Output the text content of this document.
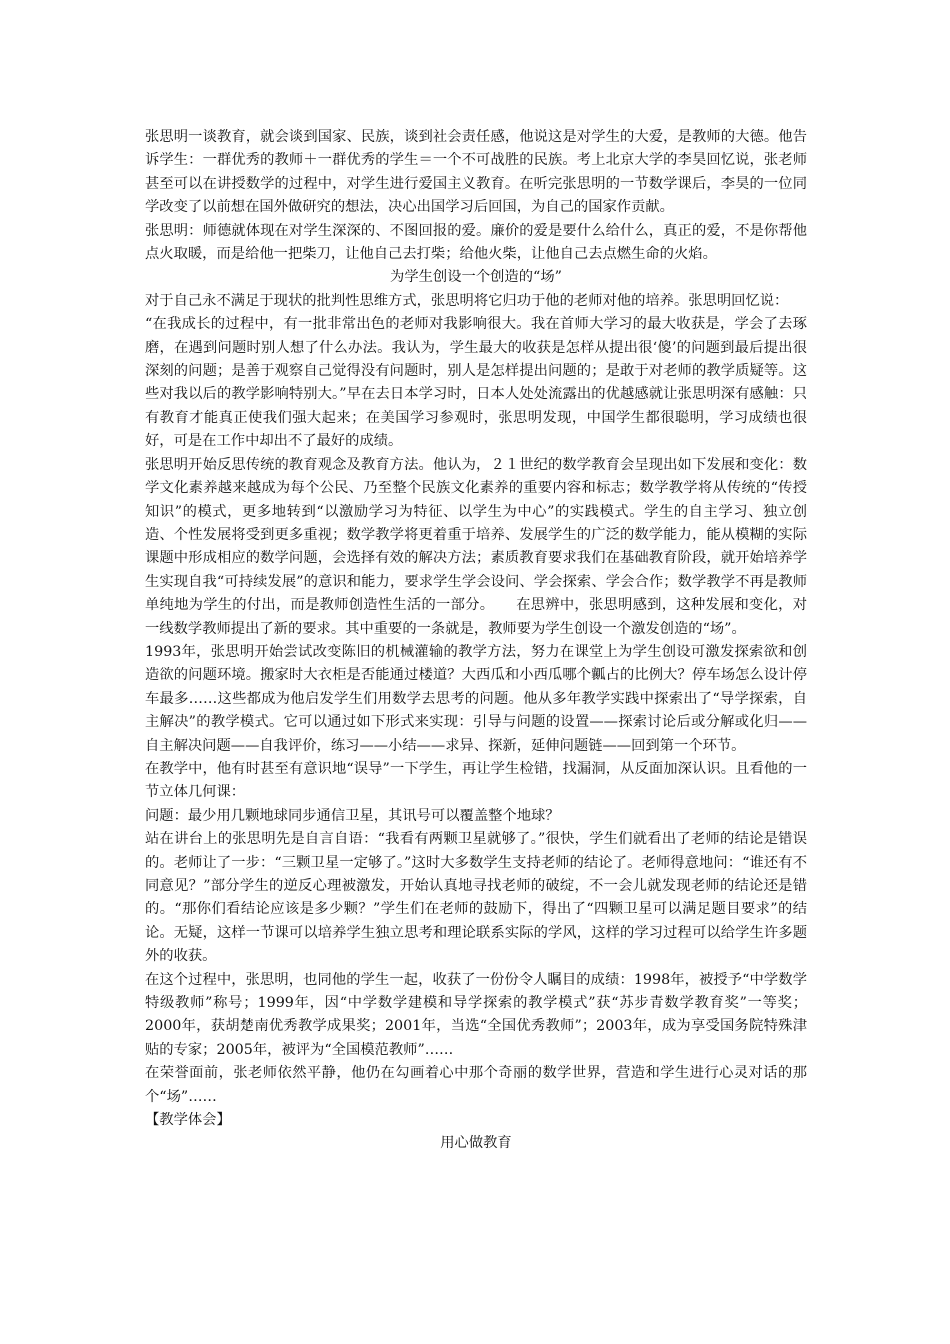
张思明一谈教育，就会谈到国家、民族，谈到社会责任感，他说这是对学生的大爱，是教师的大德。他告诉学生：一群优秀的教师＋一群优秀的学生＝一个不可战胜的民族。考上北京大学的李昊回忆说，张老师甚至可以在讲授数学的过程中，对学生进行爱国主义教育。在听完张思明的一节数学课后，李昊的一位同学改变了以前想在国外做研究的想法，决心出国学习后回国，为自己的国家作贡献。

张思明：师德就体现在对学生深深的、不图回报的爱。廉价的爱是要什么给什么，真正的爱，不是你帮他点火取暖，而是给他一把柴刀，让他自己去打柴；给他火柴，让他自己去点燃生命的火焰。

为学生创设一个创造的“场”

对于自己永不满足于现状的批判性思维方式，张思明将它归功于他的老师对他的培养。张思明回忆说：

“在我成长的过程中，有一批非常出色的老师对我影响很大。我在首师大学习的最大收获是，学会了去琢磨，在遇到问题时别人想了什么办法。我认为，学生最大的收获是怎样从提出很‘傻’的问题到最后提出很深刻的问题；是善于观察自己觉得没有问题时，别人是怎样提出问题的；是敢于对老师的教学质疑等。这些对我以后的教学影响特别大。”早在去日本学习时，日本人处处流露出的优越感就让张思明深有感触：只有教育才能真正使我们强大起来；在美国学习参观时，张思明发现，中国学生都很聪明，学习成绩也很好，可是在工作中却出不了最好的成绩。

张思明开始反思传统的教育观念及教育方法。他认为，２１世纪的数学教育会呈现出如下发展和变化：数学文化素养越来越成为每个公民、乃至整个民族文化素养的重要内容和标志；数学教学将从传统的“传授知识”的模式，更多地转到“以激励学习为特征、以学生为中心”的实践模式。学生的自主学习、独立创造、个性发展将受到更多重视；数学教学将更着重于培养、发展学生的广泛的数学能力，能从模糊的实际课题中形成相应的数学问题，会选择有效的解决方法；素质教育要求我们在基础教育阶段，就开始培养学生实现自我“可持续发展”的意识和能力，要求学生学会设问、学会探索、学会合作；数学教学不再是教师单纯地为学生的付出，而是教师创造性生活的一部分。　　在思辨中，张思明感到，这种发展和变化，对一线数学教师提出了新的要求。其中重要的一条就是，教师要为学生创设一个激发创造的“场”。

1993年，张思明开始尝试改变陈旧的机械灌输的教学方法，努力在课堂上为学生创设可激发探索欲和创造欲的问题环境。搬家时大衣柜是否能通过楼道？大西瓜和小西瓜哪个瓤占的比例大？停车场怎么设计停车最多……这些都成为他启发学生们用数学去思考的问题。他从多年教学实践中探索出了“导学探索，自主解决”的教学模式。它可以通过如下形式来实现：引导与问题的设置——探索讨论后或分解或化归——自主解决问题——自我评价，练习——小结——求异、探新，延伸问题链——回到第一个环节。

在教学中，他有时甚至有意识地“误导”一下学生，再让学生检错，找漏洞，从反面加深认识。且看他的一节立体几何课：

问题：最少用几颗地球同步通信卫星，其讯号可以覆盖整个地球？

站在讲台上的张思明先是自言自语：“我看有两颗卫星就够了。”很快，学生们就看出了老师的结论是错误的。老师让了一步：“三颗卫星一定够了。”这时大多数学生支持老师的结论了。老师得意地问：“谁还有不同意见？”部分学生的逆反心理被激发，开始认真地寻找老师的破绽，不一会儿就发现老师的结论还是错的。“那你们看结论应该是多少颗？”学生们在老师的鼓励下，得出了“四颗卫星可以满足题目要求”的结论。无疑，这样一节课可以培养学生独立思考和理论联系实际的学风，这样的学习过程可以给学生许多题外的收获。

在这个过程中，张思明，也同他的学生一起，收获了一份份令人瞩目的成绩：1998年，被授予“中学数学特级教师”称号；1999年，因“中学数学建模和导学探索的教学模式”获“苏步青数学教育奖”一等奖；2000年，获胡楚南优秀教学成果奖；2001年，当选“全国优秀教师”；2003年，成为享受国务院特殊津贴的专家；2005年，被评为“全国模范教师”……

在荣誉面前，张老师依然平静，他仍在勾画着心中那个奇丽的数学世界，营造和学生进行心灵对话的那个“场”……

【教学体会】

用心做教育
